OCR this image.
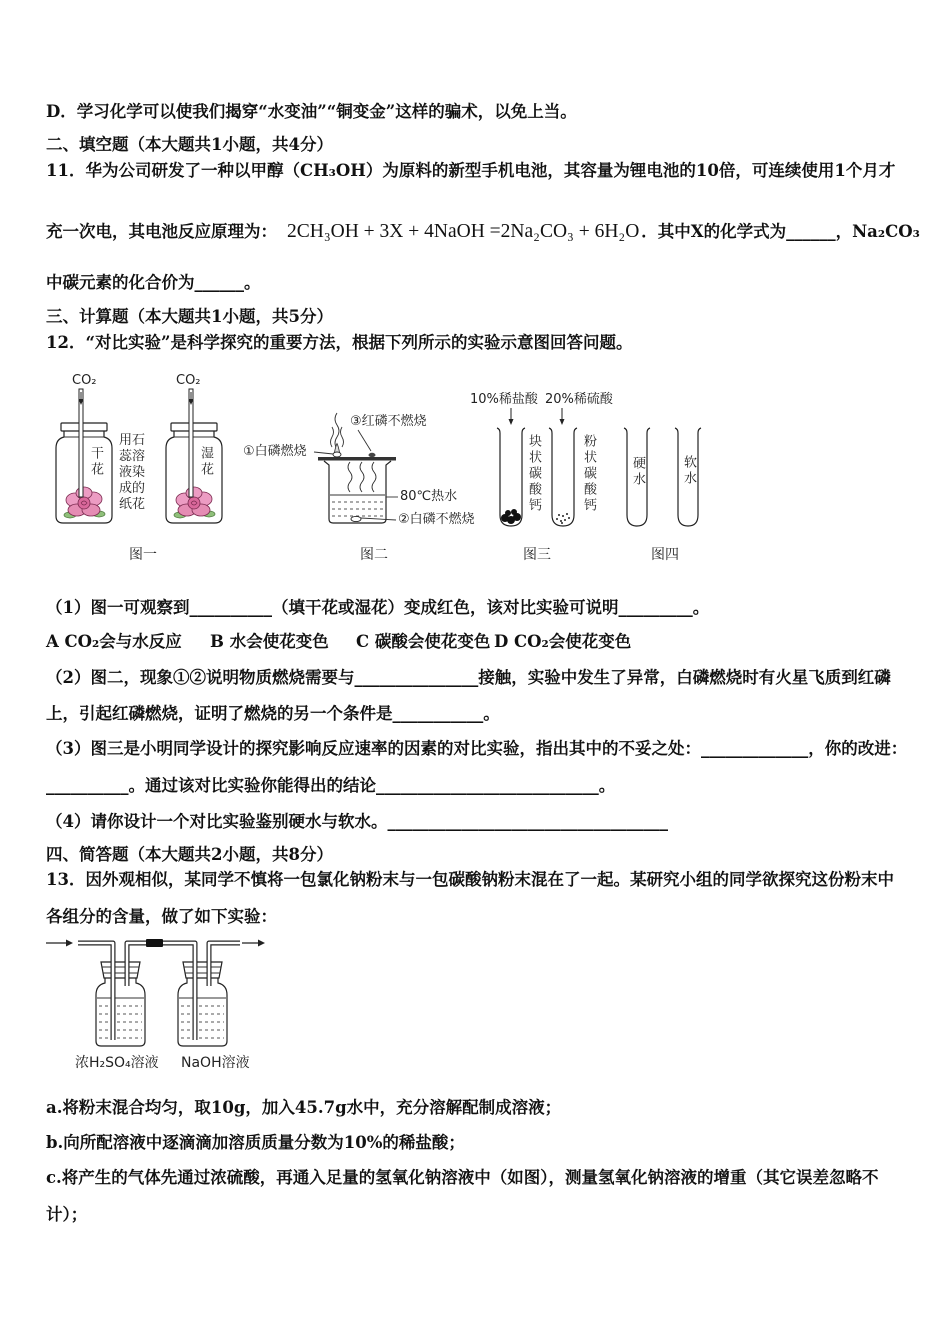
D．学习化学可以使我们揭穿“水变油”“铜变金”这样的骗术，以免上当。
二、填空题（本大题共1小题，共4分）
11．华为公司研发了一种以甲醇（CH₃OH）为原料的新型手机电池，其容量为锂电池的10倍，可连续使用1个月才
充一次电，其电池反应原理为： 2CH₃OH + 3X + 4NaOH =2Na₂CO₃ + 6H₂O ．其中X的化学式为______，Na₂CO₃
中碳元素的化合价为______。
三、计算题（本大题共1小题，共5分）
12．“对比实验”是科学探究的重要方法，根据下列所示的实验示意图回答问题。
CO₂	CO₂
干花	湿花
用石
蕊溶
液染
成的
纸花
图一
③红磷不燃烧
①白磷燃烧
80℃热水
②白磷不燃烧
图二
10%稀盐酸 20%稀硫酸
块状碳酸钙	粉状碳酸钙
图三
硬水	软水
图四
（1）图一可观察到__________（填干花或湿花）变成红色，该对比实验可说明_________。
A CO₂会与水反应 B 水会使花变色 C 碳酸会使花变色 D CO₂会使花变色
（2）图二，现象①②说明物质燃烧需要与_______________接触，实验中发生了异常，白磷燃烧时有火星飞质到红磷
上，引起红磷燃烧，证明了燃烧的另一个条件是___________。
（3）图三是小明同学设计的探究影响反应速率的因素的对比实验，指出其中的不妥之处：_____________，你的改进：
__________。通过该对比实验你能得出的结论___________________________。
（4）请你设计一个对比实验鉴别硬水与软水。__________________________________
四、简答题（本大题共2小题，共8分）
13．因外观相似，某同学不慎将一包氯化钠粉末与一包碳酸钠粉末混在了一起。某研究小组的同学欲探究这份粉末中
各组分的含量，做了如下实验：
浓H₂SO₄溶液 NaOH溶液
a.将粉末混合均匀，取10g，加入45.7g水中，充分溶解配制成溶液；
b.向所配溶液中逐滴滴加溶质质量分数为10%的稀盐酸；
c.将产生的气体先通过浓硫酸，再通入足量的氢氧化钠溶液中（如图），测量氢氧化钠溶液的增重（其它误差忽略不
计）；
